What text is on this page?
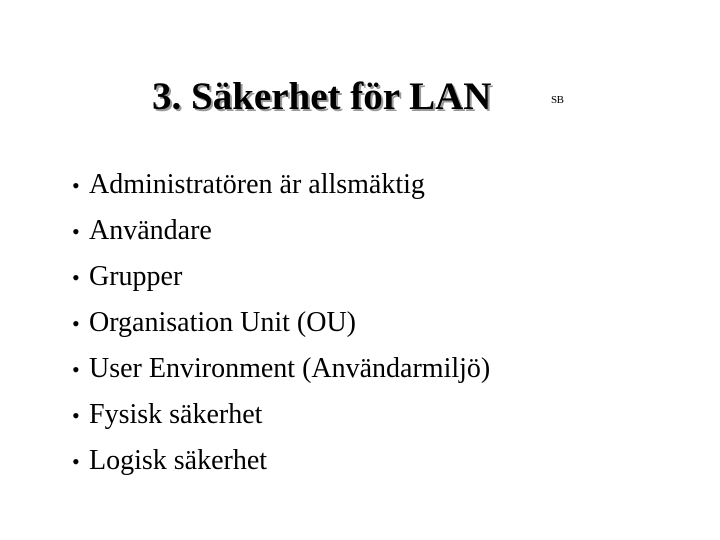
3. Säkerhet för LAN	SB
• Administratören är allsmäktig
• Användare
• Grupper
• Organisation Unit (OU)
• User Environment (Användarmiljö)
• Fysisk säkerhet
• Logisk säkerhet
